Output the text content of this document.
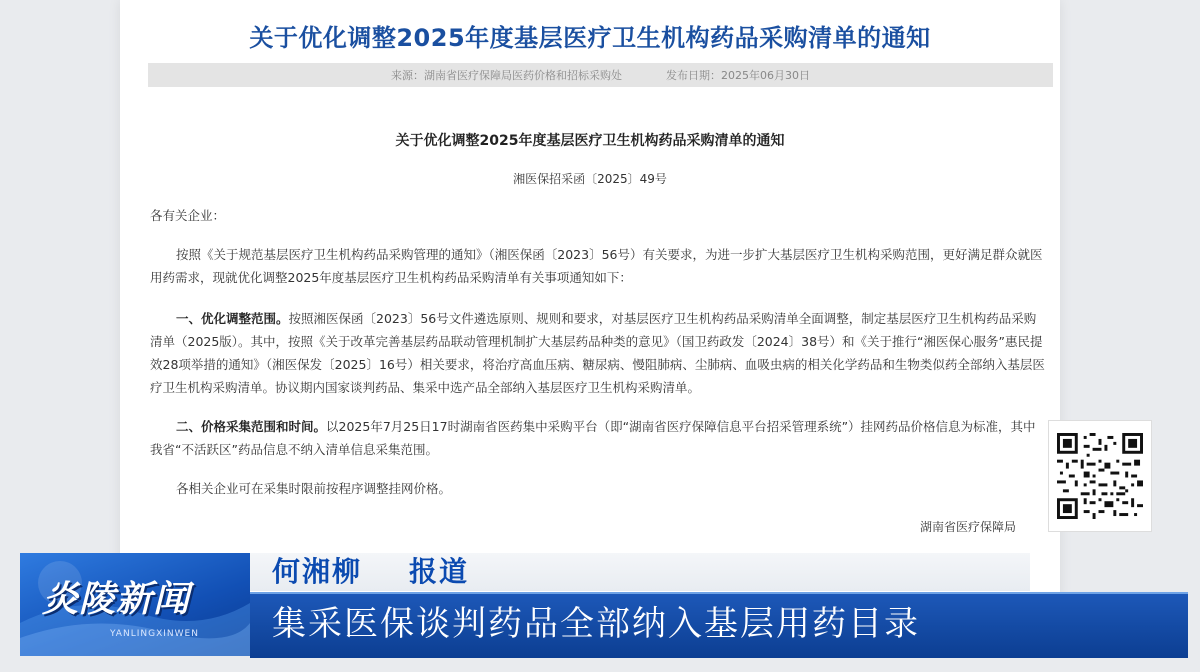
关于优化调整2025年度基层医疗卫生机构药品采购清单的通知
来源：湖南省医疗保障局医药价格和招标采购处	发布日期：2025年06月30日
关于优化调整2025年度基层医疗卫生机构药品采购清单的通知
湘医保招采函〔2025〕49号
各有关企业：
按照《关于规范基层医疗卫生机构药品采购管理的通知》（湘医保函〔2023〕56号）有关要求，为进一步扩大基层医疗卫生机构采购范围，更好满足群众就医用药需求，现就优化调整2025年度基层医疗卫生机构药品采购清单有关事项通知如下：
一、优化调整范围。按照湘医保函〔2023〕56号文件遴选原则、规则和要求，对基层医疗卫生机构药品采购清单全面调整，制定基层医疗卫生机构药品采购清单（2025版）。其中，按照《关于改革完善基层药品联动管理机制扩大基层药品种类的意见》（国卫药政发〔2024〕38号）和《关于推行“湘医保心服务”惠民提效28项举措的通知》（湘医保发〔2025〕16号）相关要求，将治疗高血压病、糖尿病、慢阻肺病、尘肺病、血吸虫病的相关化学药品和生物类似药全部纳入基层医疗卫生机构采购清单。协议期内国家谈判药品、集采中选产品全部纳入基层医疗卫生机构采购清单。
二、价格采集范围和时间。以2025年7月25日17时湖南省医药集中采购平台（即“湖南省医疗保障信息平台招采管理系统”）挂网药品价格信息为标准，其中我省“不活跃区”药品信息不纳入清单信息采集范围。
各相关企业可在采集时限前按程序调整挂网价格。
湖南省医疗保障局
何湘柳    报道
集采医保谈判药品全部纳入基层用药目录
炎陵新闻
YANLINGXINWEN
